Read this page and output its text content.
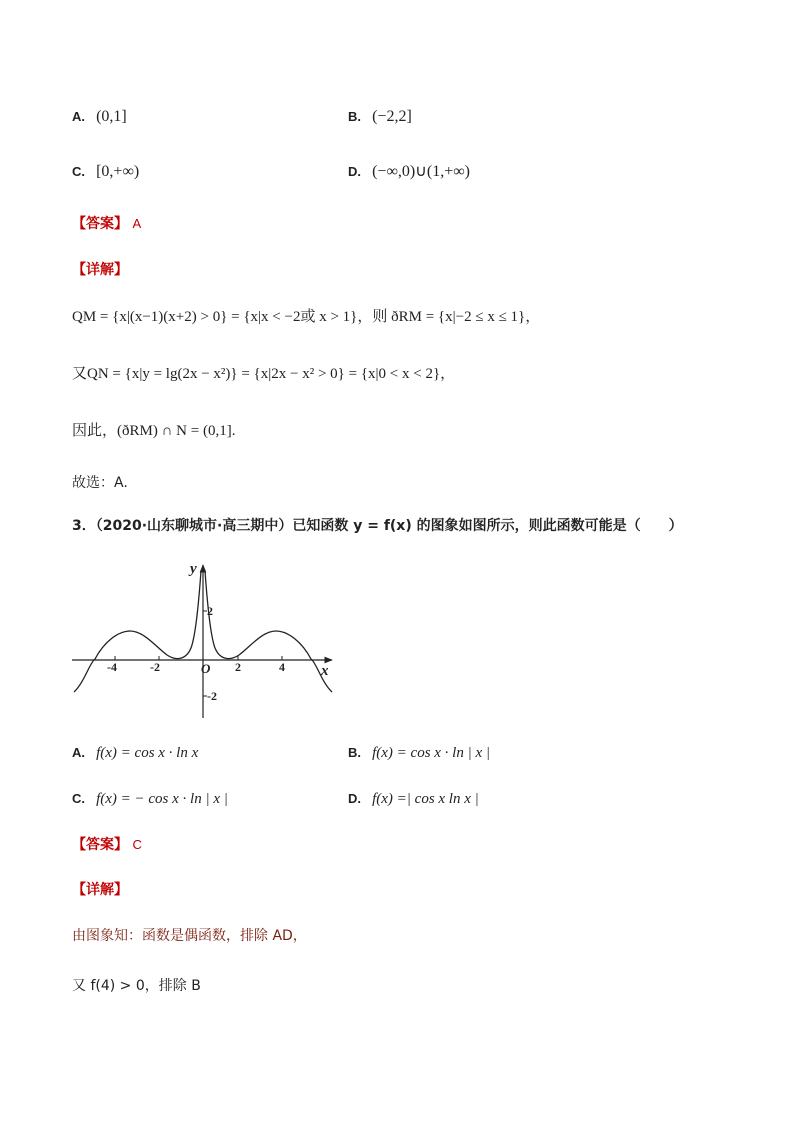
A. (0,1]	B. (−2,2]
C. [0,+∞)	D. (−∞,0)∪(1,+∞)
【答案】 A
【详解】
QM = {x|(x−1)(x+2) > 0} = {x|x < −2或 x > 1}，则 ðRM = {x|−2 ≤ x ≤ 1}，
又QN = {x|y = lg(2x − x²)} = {x|2x − x² > 0} = {x|0 < x < 2}，
因此，(ðRM) ∩ N = (0,1].
故选：A.
3．（2020·山东聊城市·高三期中）已知函数 y = f(x) 的图象如图所示，则此函数可能是（　　）
y
x
O
-4	-2	2	4
2
-2
A. f(x) = cos x · ln x	B. f(x) = cos x · ln | x |
C. f(x) = − cos x · ln | x |	D. f(x) =| cos x ln x |
【答案】 C
【详解】
由图象知：函数是偶函数，排除 AD，
又 f(4) > 0，排除 B
